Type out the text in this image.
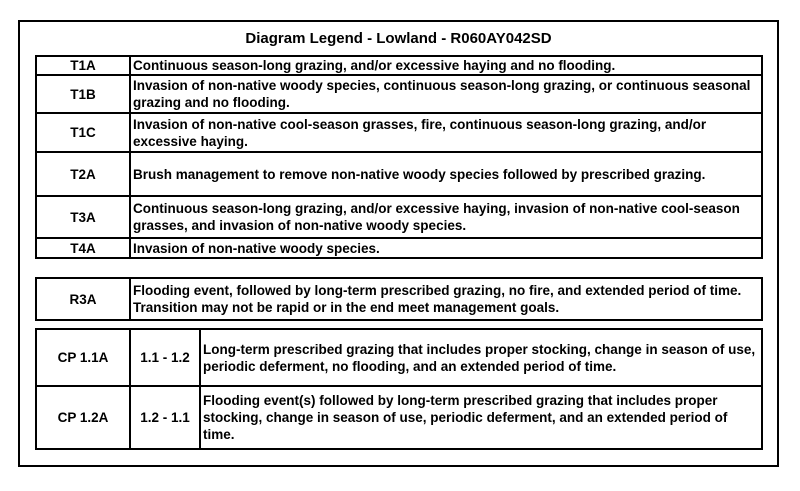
Diagram Legend - Lowland - R060AY042SD
T1A	Continuous season-long grazing, and/or excessive haying and no flooding.
T1B	Invasion of non-native woody species, continuous season-long grazing, or continuous seasonal grazing and no flooding.
T1C	Invasion of non-native cool-season grasses, fire, continuous season-long grazing, and/or excessive haying.
T2A	Brush management to remove non-native woody species followed by prescribed grazing.
T3A	Continuous season-long grazing, and/or excessive haying, invasion of non-native cool-season grasses, and invasion of non-native woody species.
T4A	Invasion of non-native woody species.
R3A	Flooding event, followed by long-term prescribed grazing, no fire, and extended period of time. Transition may not be rapid or in the end meet management goals.
CP 1.1A	1.1 - 1.2	Long-term prescribed grazing that includes proper stocking, change in season of use, periodic deferment, no flooding, and an extended period of time.
CP 1.2A	1.2 - 1.1	Flooding event(s) followed by long-term prescribed grazing that includes proper stocking, change in season of use, periodic deferment, and an extended period of time.
